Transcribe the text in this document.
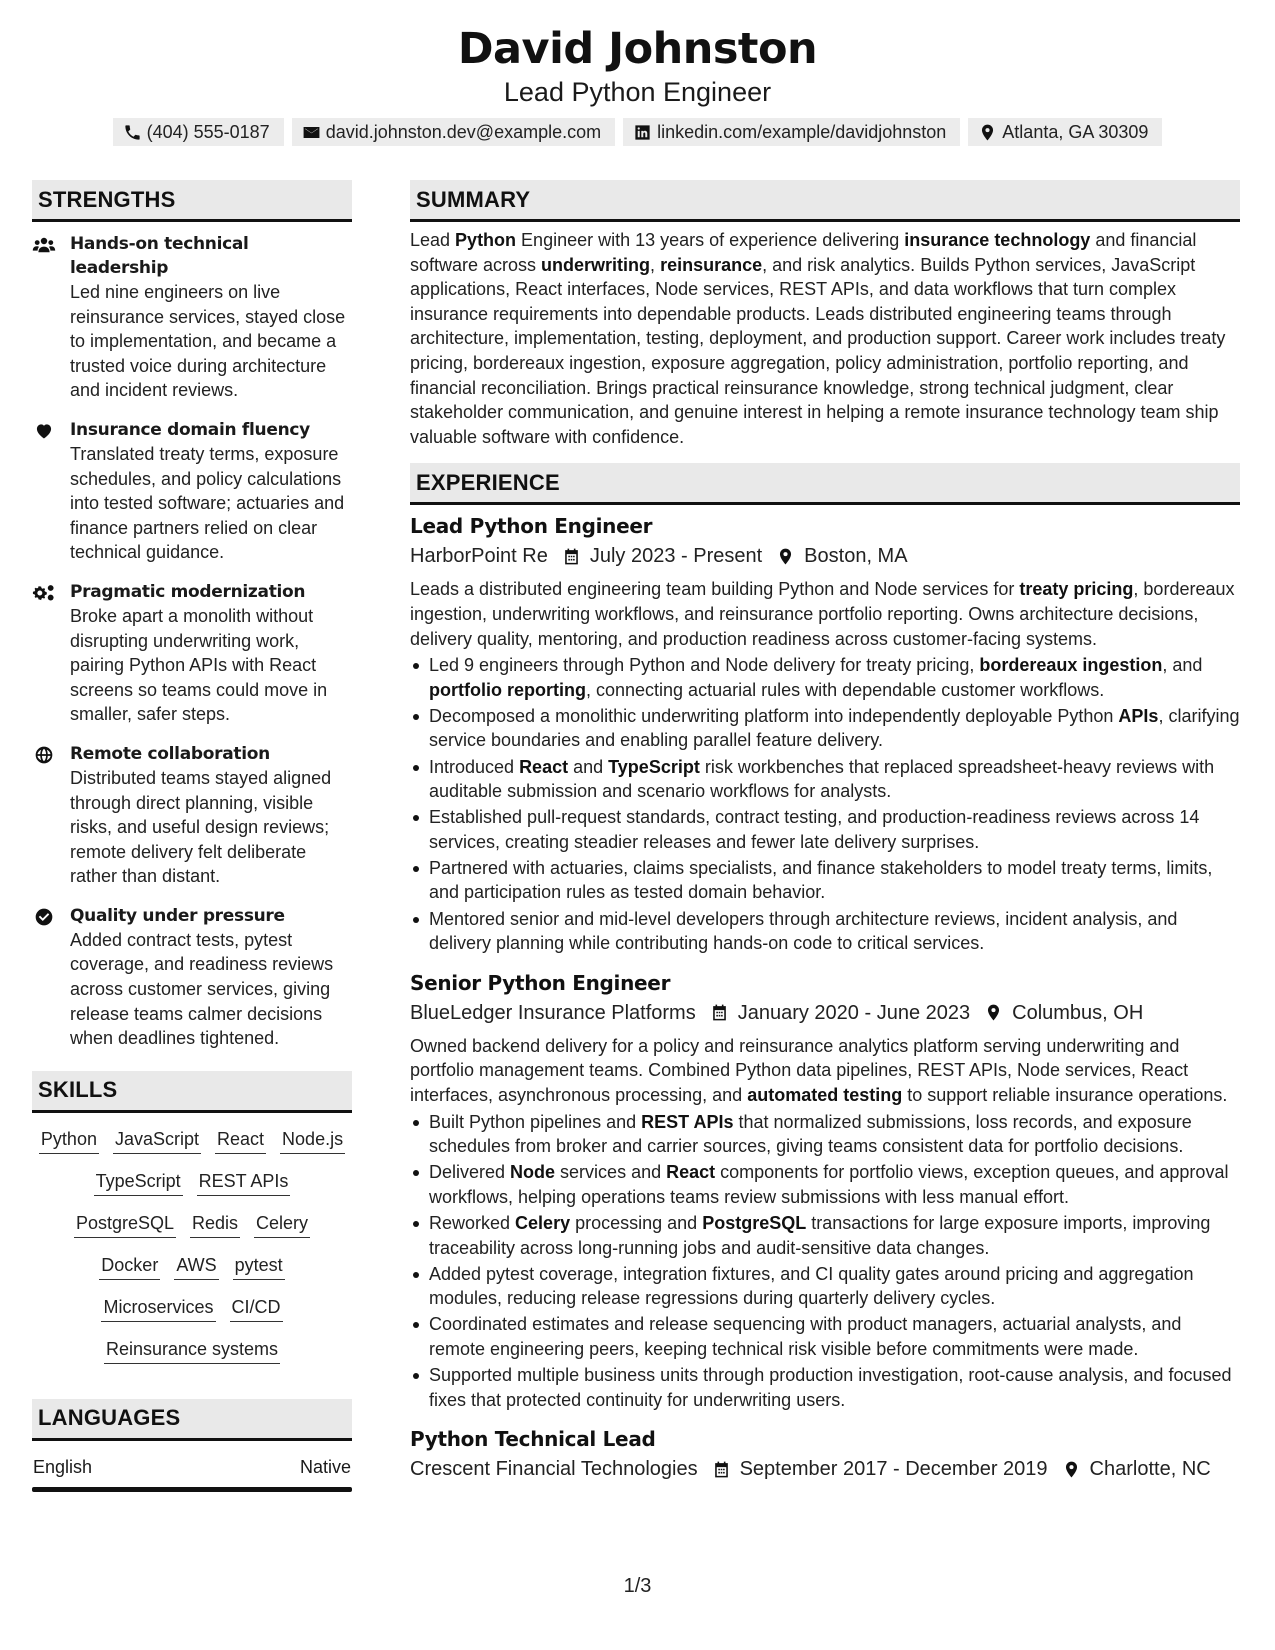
David Johnston
Lead Python Engineer
(404) 555-0187	david.johnston.dev@example.com	linkedin.com/example/davidjohnston	Atlanta, GA 30309
STRENGTHS
Hands-on technical leadership
Led nine engineers on live reinsurance services, stayed close to implementation, and became a trusted voice during architecture and incident reviews.
Insurance domain fluency
Translated treaty terms, exposure schedules, and policy calculations into tested software; actuaries and finance partners relied on clear technical guidance.
Pragmatic modernization
Broke apart a monolith without disrupting underwriting work, pairing Python APIs with React screens so teams could move in smaller, safer steps.
Remote collaboration
Distributed teams stayed aligned through direct planning, visible risks, and useful design reviews; remote delivery felt deliberate rather than distant.
Quality under pressure
Added contract tests, pytest coverage, and readiness reviews across customer services, giving release teams calmer decisions when deadlines tightened.
SKILLS
Python JavaScript React Node.js
TypeScript REST APIs
PostgreSQL Redis Celery
Docker AWS pytest
Microservices CI/CD
Reinsurance systems
LANGUAGES
English	Native
SUMMARY

Lead Python Engineer with 13 years of experience delivering insurance technology and financial software across underwriting, reinsurance, and risk analytics. Builds Python services, JavaScript applications, React interfaces, Node services, REST APIs, and data workflows that turn complex insurance requirements into dependable products. Leads distributed engineering teams through architecture, implementation, testing, deployment, and production support. Career work includes treaty pricing, bordereaux ingestion, exposure aggregation, policy administration, portfolio reporting, and financial reconciliation. Brings practical reinsurance knowledge, strong technical judgment, clear stakeholder communication, and genuine interest in helping a remote insurance technology team ship valuable software with confidence.

EXPERIENCE
Lead Python Engineer
HarborPoint Re July 2023 - Present Boston, MA

Leads a distributed engineering team building Python and Node services for treaty pricing, bordereaux ingestion, underwriting workflows, and reinsurance portfolio reporting. Owns architecture decisions, delivery quality, mentoring, and production readiness across customer-facing systems.

Led 9 engineers through Python and Node delivery for treaty pricing, bordereaux ingestion, and portfolio reporting, connecting actuarial rules with dependable customer workflows.
Decomposed a monolithic underwriting platform into independently deployable Python APIs, clarifying service boundaries and enabling parallel feature delivery.
Introduced React and TypeScript risk workbenches that replaced spreadsheet-heavy reviews with auditable submission and scenario workflows for analysts.
Established pull-request standards, contract testing, and production-readiness reviews across 14 services, creating steadier releases and fewer late delivery surprises.
Partnered with actuaries, claims specialists, and finance stakeholders to model treaty terms, limits, and participation rules as tested domain behavior.
Mentored senior and mid-level developers through architecture reviews, incident analysis, and delivery planning while contributing hands-on code to critical services.
Senior Python Engineer
BlueLedger Insurance Platforms January 2020 - June 2023 Columbus, OH

Owned backend delivery for a policy and reinsurance analytics platform serving underwriting and portfolio management teams. Combined Python data pipelines, REST APIs, Node services, React interfaces, asynchronous processing, and automated testing to support reliable insurance operations.

Built Python pipelines and REST APIs that normalized submissions, loss records, and exposure schedules from broker and carrier sources, giving teams consistent data for portfolio decisions.
Delivered Node services and React components for portfolio views, exception queues, and approval workflows, helping operations teams review submissions with less manual effort.
Reworked Celery processing and PostgreSQL transactions for large exposure imports, improving traceability across long-running jobs and audit-sensitive data changes.
Added pytest coverage, integration fixtures, and CI quality gates around pricing and aggregation modules, reducing release regressions during quarterly delivery cycles.
Coordinated estimates and release sequencing with product managers, actuarial analysts, and remote engineering peers, keeping technical risk visible before commitments were made.
Supported multiple business units through production investigation, root-cause analysis, and focused fixes that protected continuity for underwriting users.
Python Technical Lead
Crescent Financial Technologies September 2017 - December 2019 Charlotte, NC
1/3
